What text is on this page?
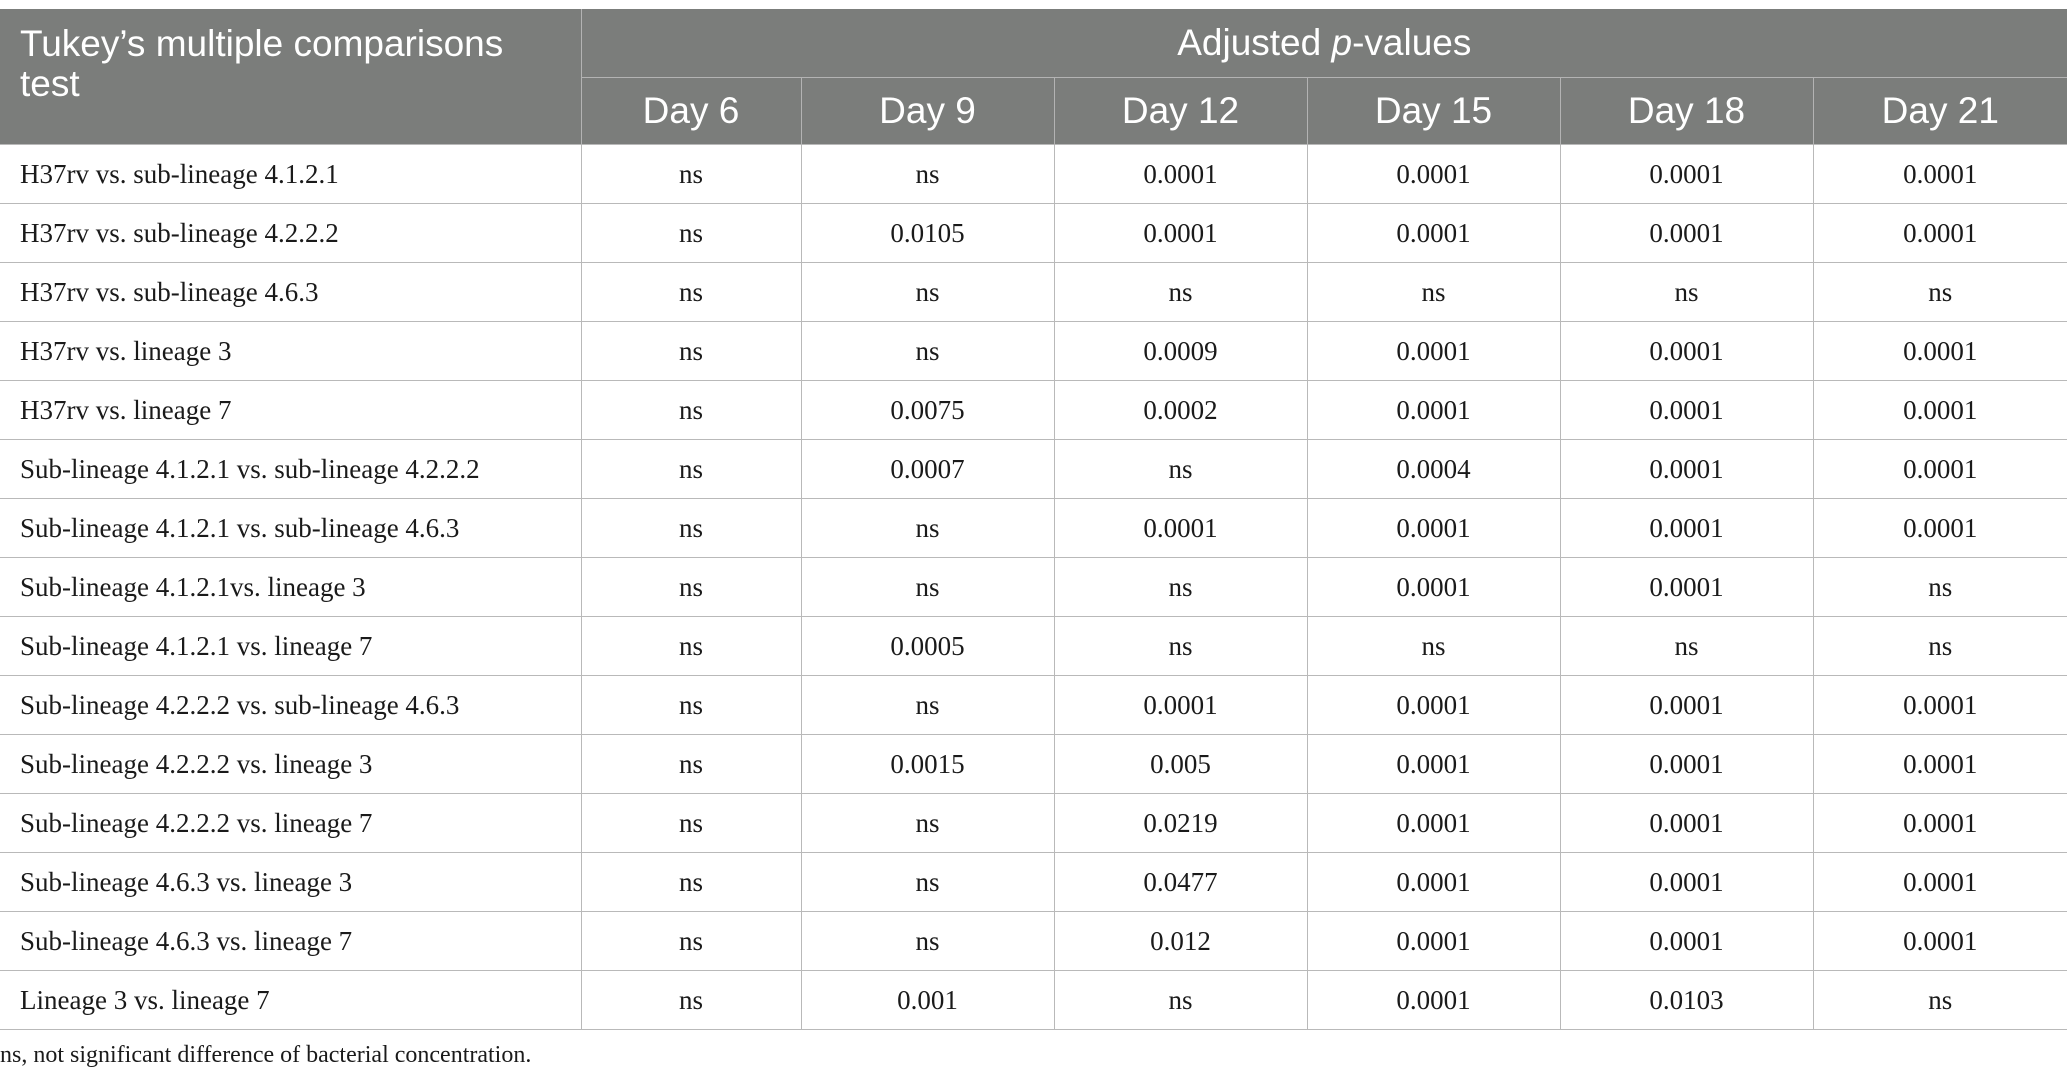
Tukey’s multiple comparisons test	Adjusted p-values					
	Day 6	Day 9	Day 12	Day 15	Day 18	Day 21
H37rv vs. sub-lineage 4.1.2.1	ns	ns	0.0001	0.0001	0.0001	0.0001
H37rv vs. sub-lineage 4.2.2.2	ns	0.0105	0.0001	0.0001	0.0001	0.0001
H37rv vs. sub-lineage 4.6.3	ns	ns	ns	ns	ns	ns
H37rv vs. lineage 3	ns	ns	0.0009	0.0001	0.0001	0.0001
H37rv vs. lineage 7	ns	0.0075	0.0002	0.0001	0.0001	0.0001
Sub-lineage 4.1.2.1 vs. sub-lineage 4.2.2.2	ns	0.0007	ns	0.0004	0.0001	0.0001
Sub-lineage 4.1.2.1 vs. sub-lineage 4.6.3	ns	ns	0.0001	0.0001	0.0001	0.0001
Sub-lineage 4.1.2.1vs. lineage 3	ns	ns	ns	0.0001	0.0001	ns
Sub-lineage 4.1.2.1 vs. lineage 7	ns	0.0005	ns	ns	ns	ns
Sub-lineage 4.2.2.2 vs. sub-lineage 4.6.3	ns	ns	0.0001	0.0001	0.0001	0.0001
Sub-lineage 4.2.2.2 vs. lineage 3	ns	0.0015	0.005	0.0001	0.0001	0.0001
Sub-lineage 4.2.2.2 vs. lineage 7	ns	ns	0.0219	0.0001	0.0001	0.0001
Sub-lineage 4.6.3 vs. lineage 3	ns	ns	0.0477	0.0001	0.0001	0.0001
Sub-lineage 4.6.3 vs. lineage 7	ns	ns	0.012	0.0001	0.0001	0.0001
Lineage 3 vs. lineage 7	ns	0.001	ns	0.0001	0.0103	ns
ns, not significant difference of bacterial concentration.
